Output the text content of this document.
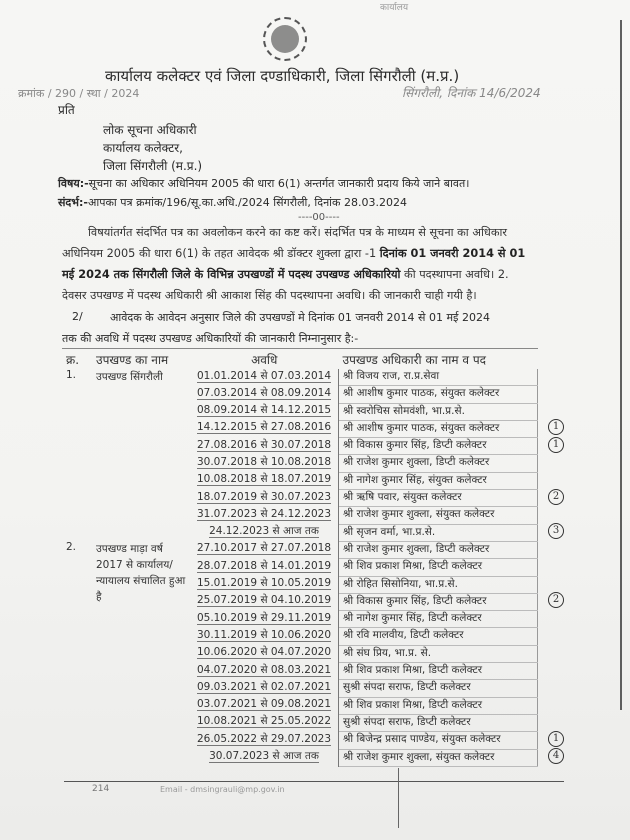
कार्यालय
कार्यालय कलेक्टर एवं जिला दण्डाधिकारी, जिला सिंगरौली (म.प्र.)
क्रमांक / 290 / स्था / 2024	सिंगरौली, दिनांक 14/6/2024
प्रति
लोक सूचना अधिकारी
कार्यालय कलेक्टर,
जिला सिंगरौली (म.प्र.)
विषय:-सूचना का अधिकार अधिनियम 2005 की धारा 6(1) अन्तर्गत जानकारी प्रदाय किये जाने बावत।
संदर्भ:-आपका पत्र क्रमांक/196/सू.का.अधि./2024 सिंगरौली, दिनांक 28.03.2024
----00----
विषयांतर्गत संदर्भित पत्र का अवलोकन करने का कष्ट करें। संदर्भित पत्र के माध्यम से सूचना का अधिकार अधिनियम 2005 की धारा 6(1) के तहत आवेदक श्री डॉक्टर शुक्ला द्वारा -1 दिनांक 01 जनवरी 2014 से 01 मई 2024 तक सिंगरौली जिले के विभिन्न उपखण्डों में पदस्थ उपखण्ड अधिकारियो की पदस्थापना अवधि। 2. देवसर उपखण्ड में पदस्थ अधिकारी श्री आकाश सिंह की पदस्थापना अवधि। की जानकारी चाही गयी है।
2/ आवेदक के आवेदन अनुसार जिले की उपखण्डों मे दिनांक 01 जनवरी 2014 से 01 मई 2024
तक की अवधि में पदस्थ उपखण्ड अधिकारियों की जानकारी निम्नानुसार है:-
क्र.	उपखण्ड का नाम	अवधि	उपखण्ड अधिकारी का नाम व पद	
1.	उपखण्ड सिंगरौली	01.01.2014 से 07.03.2014	श्री विजय राज, रा.प्र.सेवा	
		07.03.2014 से 08.09.2014	श्री आशीष कुमार पाठक, संयुक्त कलेक्टर	
		08.09.2014 से 14.12.2015	श्री स्वरोचिस सोमवंशी, भा.प्र.से.	
		14.12.2015 से 27.08.2016	श्री आशीष कुमार पाठक, संयुक्त कलेक्टर	1
		27.08.2016 से 30.07.2018	श्री विकास कुमार सिंह, डिप्टी कलेक्टर	1
		30.07.2018 से 10.08.2018	श्री राजेश कुमार शुक्ला, डिप्टी कलेक्टर	
		10.08.2018 से 18.07.2019	श्री नागेश कुमार सिंह, संयुक्त कलेक्टर	
		18.07.2019 से 30.07.2023	श्री ऋषि पवार, संयुक्त कलेक्टर	2
		31.07.2023 से 24.12.2023	श्री राजेश कुमार शुक्ला, संयुक्त कलेक्टर	
		24.12.2023 से आज तक	श्री सृजन वर्मा, भा.प्र.से.	3
2.	उपखण्ड माड़ा वर्ष 2017 से कार्यालय/न्यायालय संचालित हुआ है	27.10.2017 से 27.07.2018	श्री राजेश कुमार शुक्ला, डिप्टी कलेक्टर	
		28.07.2018 से 14.01.2019	श्री शिव प्रकाश मिश्रा, डिप्टी कलेक्टर	
		15.01.2019 से 10.05.2019	श्री रोहित सिसोनिया, भा.प्र.से.	
		25.07.2019 से 04.10.2019	श्री विकास कुमार सिंह, डिप्टी कलेक्टर	2
		05.10.2019 से 29.11.2019	श्री नागेश कुमार सिंह, डिप्टी कलेक्टर	
		30.11.2019 से 10.06.2020	श्री रवि मालवीय, डिप्टी कलेक्टर	
		10.06.2020 से 04.07.2020	श्री संघ प्रिय, भा.प्र. से.	
		04.07.2020 से 08.03.2021	श्री शिव प्रकाश मिश्रा, डिप्टी कलेक्टर	
		09.03.2021 से 02.07.2021	सुश्री संपदा सराफ, डिप्टी कलेक्टर	
		03.07.2021 से 09.08.2021	श्री शिव प्रकाश मिश्रा, डिप्टी कलेक्टर	
		10.08.2021 से 25.05.2022	सुश्री संपदा सराफ, डिप्टी कलेक्टर	
		26.05.2022 से 29.07.2023	श्री बिजेन्द्र प्रसाद पाण्डेय, संयुक्त कलेक्टर	1
		30.07.2023 से आज तक	श्री राजेश कुमार शुक्ला, संयुक्त कलेक्टर	4
214	Email - dmsingrauli@mp.gov.in
